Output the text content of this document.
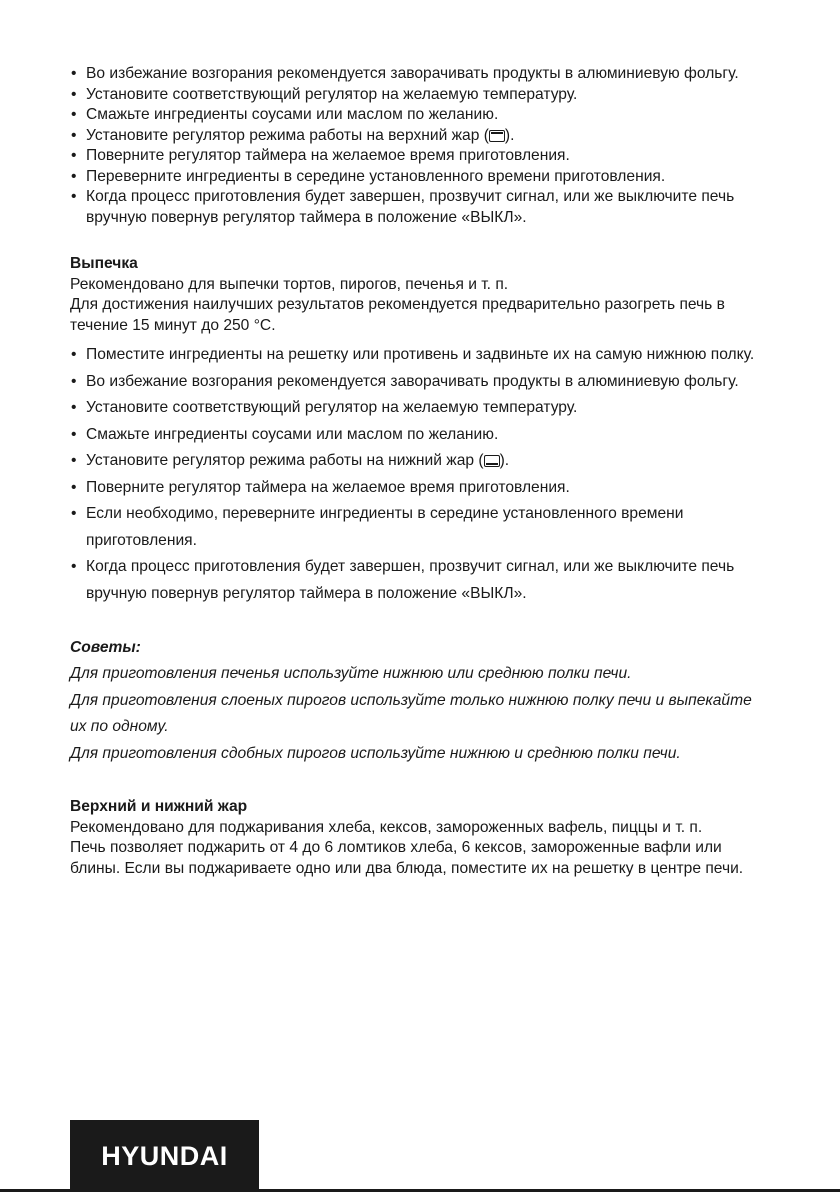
• Во избежание возгорания рекомендуется заворачивать продукты в алюминиевую фольгу.
• Установите соответствующий регулятор на желаемую температуру.
• Смажьте ингредиенты соусами или маслом по желанию.
• Установите регулятор режима работы на верхний жар ( ).
• Поверните регулятор таймера на желаемое время приготовления.
• Переверните ингредиенты в середине установленного времени приготовления.
• Когда процесс приготовления будет завершен, прозвучит сигнал, или же выключите печь вручную повернув регулятор таймера в положение «ВЫКЛ».
Выпечка

Рекомендовано для выпечки тортов, пирогов, печенья и т. п.

Для достижения наилучших результатов рекомендуется предварительно разогреть печь в течение 15 минут до 250 °С.

• Поместите ингредиенты на решетку или противень и задвиньте их на самую нижнюю полку.
• Во избежание возгорания рекомендуется заворачивать продукты в алюминиевую фольгу.
• Установите соответствующий регулятор на желаемую температуру.
• Смажьте ингредиенты соусами или маслом по желанию.
• Установите регулятор режима работы на нижний жар ( ).
• Поверните регулятор таймера на желаемое время приготовления.
• Если необходимо, переверните ингредиенты в середине установленного времени приготовления.
• Когда процесс приготовления будет завершен, прозвучит сигнал, или же выключите печь вручную повернув регулятор таймера в положение «ВЫКЛ».
Советы:

Для приготовления печенья используйте нижнюю или среднюю полки печи.

Для приготовления слоеных пирогов используйте только нижнюю полку печи и выпекайте их по одному.

Для приготовления сдобных пирогов используйте нижнюю и среднюю полки печи.

Верхний и нижний жар

Рекомендовано для поджаривания хлеба, кексов, замороженных вафель, пиццы и т. п.

Печь позволяет поджарить от 4 до 6 ломтиков хлеба, 6 кексов, замороженные вафли или блины. Если вы поджариваете одно или два блюда, поместите их на решетку в центре печи.

HYUNDAI
